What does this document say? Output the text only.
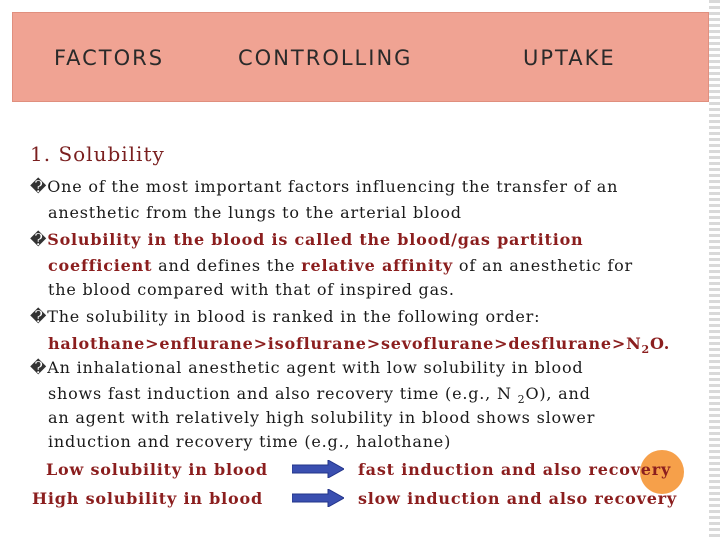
FACTORS	CONTROLLING	UPTAKE
1. Solubility
�One of the most important factors influencing the transfer of an
anesthetic from the lungs to the arterial blood
�Solubility in the blood is called the blood/gas partition
coefficient and defines the relative affinity of an anesthetic for
the blood compared with that of inspired gas.
�The solubility in blood is ranked in the following order:
$halothane>enflurane>isoflurane>sevoflurane>desflurane>N_2O$.
�An inhalational anesthetic agent with low solubility in blood
shows fast induction and also recovery time (e.g., N $_2$O), and
an agent with relatively high solubility in blood shows slower
induction and recovery time (e.g., halothane)
Low solubility in blood	fast induction and also recovery
High solubility in blood	slow induction and also recovery
